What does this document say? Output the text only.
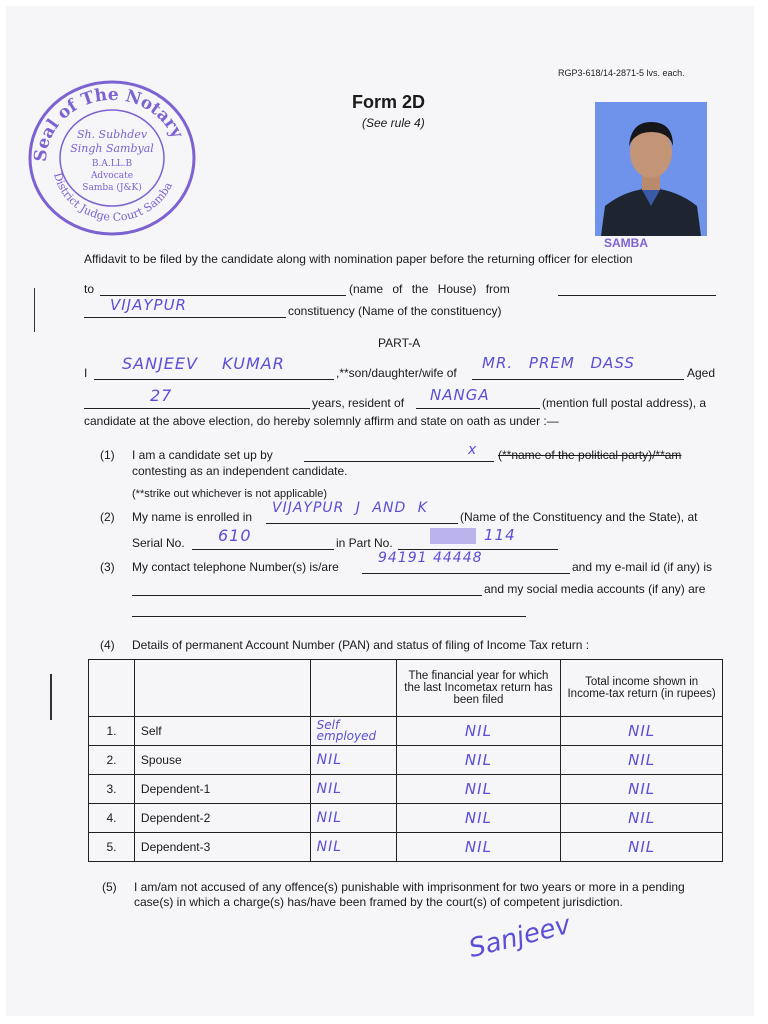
Seal of The Notary
District Judge Court Samba
Sh. Subhdev
Singh Sambyal
B.A.LL.B
Advocate
Samba (J&K)
RGP3-618/14-2871-5 lvs. each.
Form 2D
(See rule 4)
SAMBA
Affidavit to be filed by the candidate along with nomination paper before the returning officer for election
to	(name of the House) from
VIJAYPUR	constituency (Name of the constituency)
PART-A
I SANJEEV KUMAR	,**son/daughter/wife of
MR. PREM DASS
Aged
27	years, resident of NANGA	(mention full postal address), a
candidate at the above election, do hereby solemnly affirm and state on oath as under :—
(1) I am a candidate set up by	x (**name of the political party)/**am
contesting as an independent candidate.
(**strike out whichever is not applicable)
(2) My name is enrolled in
VIJAYPUR J AND K
(Name of the Constituency and the State), at
Serial No. 610	in Part No.	114
(3) My contact telephone Number(s) is/are
94191 44448
and my e-mail id (if any) is
and my social media accounts (if any) are
(4) Details of permanent Account Number (PAN) and status of filing of Income Tax return :
			The financial year for which the last Incometax return has been filed	Total income shown in Income-tax return (in rupees)
1.	Self	Self employed	NIL	NIL
2.	Spouse	NIL	NIL	NIL
3.	Dependent-1	NIL	NIL	NIL
4.	Dependent-2	NIL	NIL	NIL
5.	Dependent-3	NIL	NIL	NIL
(5) I am/am not accused of any offence(s) punishable with imprisonment for two years or more in a pending
case(s) in which a charge(s) has/have been framed by the court(s) of competent jurisdiction.
Sanjeev
